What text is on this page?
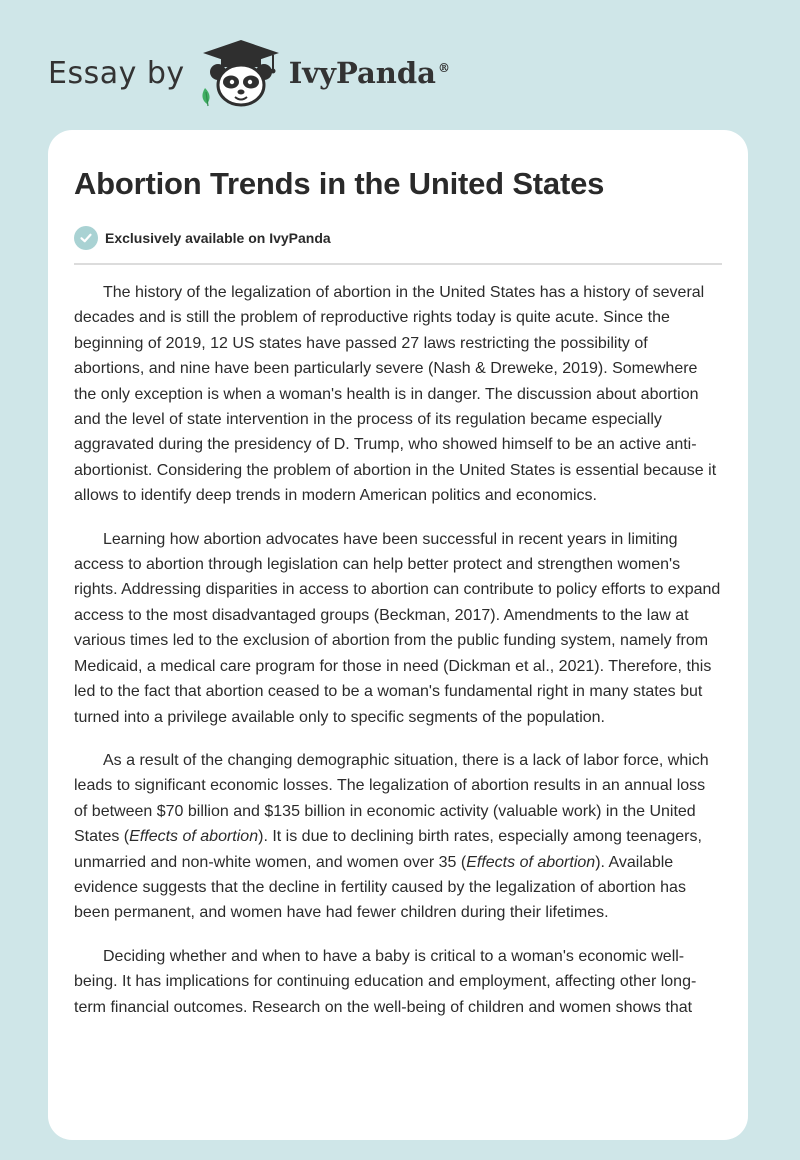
Essay by	IvyPanda ®
Abortion Trends in the United States
Exclusively available on IvyPanda

The history of the legalization of abortion in the United States has a history of several decades and is still the problem of reproductive rights today is quite acute. Since the beginning of 2019, 12 US states have passed 27 laws restricting the possibility of abortions, and nine have been particularly severe (Nash & Dreweke, 2019). Somewhere the only exception is when a woman's health is in danger. The discussion about abortion and the level of state intervention in the process of its regulation became especially aggravated during the presidency of D. Trump, who showed himself to be an active anti-abortionist. Considering the problem of abortion in the United States is essential because it allows to identify deep trends in modern American politics and economics.

Learning how abortion advocates have been successful in recent years in limiting access to abortion through legislation can help better protect and strengthen women's rights. Addressing disparities in access to abortion can contribute to policy efforts to expand access to the most disadvantaged groups (Beckman, 2017). Amendments to the law at various times led to the exclusion of abortion from the public funding system, namely from Medicaid, a medical care program for those in need (Dickman et al., 2021). Therefore, this led to the fact that abortion ceased to be a woman's fundamental right in many states but turned into a privilege available only to specific segments of the population.

As a result of the changing demographic situation, there is a lack of labor force, which leads to significant economic losses. The legalization of abortion results in an annual loss of between $70 billion and $135 billion in economic activity (valuable work) in the United States (Effects of abortion). It is due to declining birth rates, especially among teenagers, unmarried and non-white women, and women over 35 (Effects of abortion). Available evidence suggests that the decline in fertility caused by the legalization of abortion has been permanent, and women have had fewer children during their lifetimes.

Deciding whether and when to have a baby is critical to a woman's economic well-being. It has implications for continuing education and employment, affecting other long-term financial outcomes. Research on the well-being of children and women shows that
